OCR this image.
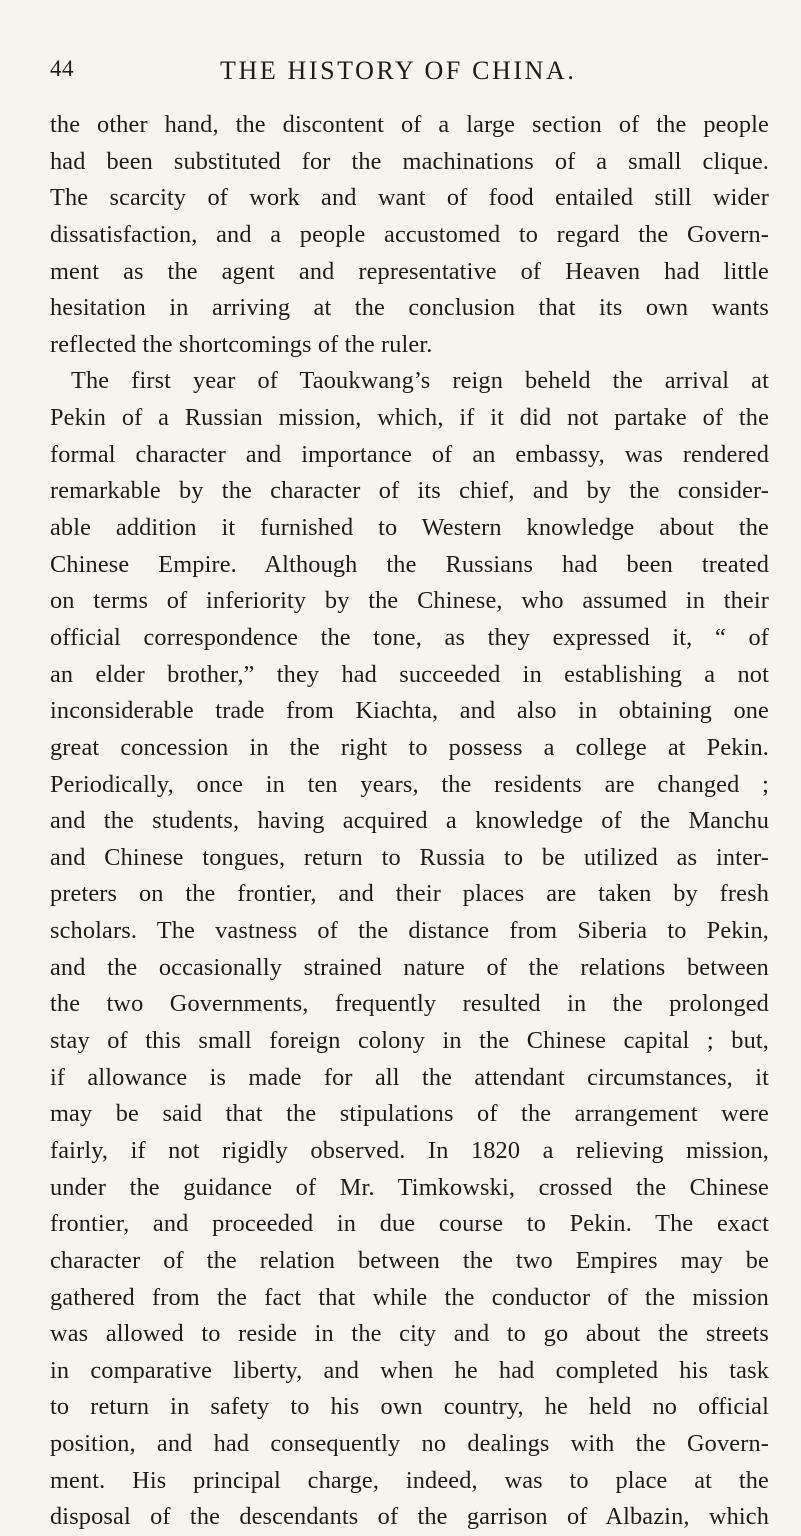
44	THE HISTORY OF CHINA.
the other hand, the discontent of a large section of the people
had been substituted for the machinations of a small clique.
The scarcity of work and want of food entailed still wider
dissatisfaction, and a people accustomed to regard the Govern-
ment as the agent and representative of Heaven had little
hesitation in arriving at the conclusion that its own wants
reflected the shortcomings of the ruler.
The first year of Taoukwang’s reign beheld the arrival at
Pekin of a Russian mission, which, if it did not partake of the
formal character and importance of an embassy, was rendered
remarkable by the character of its chief, and by the consider-
able addition it furnished to Western knowledge about the
Chinese Empire. Although the Russians had been treated
on terms of inferiority by the Chinese, who assumed in their
official correspondence the tone, as they expressed it, “ of
an elder brother,” they had succeeded in establishing a not
inconsiderable trade from Kiachta, and also in obtaining one
great concession in the right to possess a college at Pekin.
Periodically, once in ten years, the residents are changed ;
and the students, having acquired a knowledge of the Manchu
and Chinese tongues, return to Russia to be utilized as inter-
preters on the frontier, and their places are taken by fresh
scholars. The vastness of the distance from Siberia to Pekin,
and the occasionally strained nature of the relations between
the two Governments, frequently resulted in the prolonged
stay of this small foreign colony in the Chinese capital ; but,
if allowance is made for all the attendant circumstances, it
may be said that the stipulations of the arrangement were
fairly, if not rigidly observed. In 1820 a relieving mission,
under the guidance of Mr. Timkowski, crossed the Chinese
frontier, and proceeded in due course to Pekin. The exact
character of the relation between the two Empires may be
gathered from the fact that while the conductor of the mission
was allowed to reside in the city and to go about the streets
in comparative liberty, and when he had completed his task
to return in safety to his own country, he held no official
position, and had consequently no dealings with the Govern-
ment. His principal charge, indeed, was to place at the
disposal of the descendants of the garrison of Albazin, which
